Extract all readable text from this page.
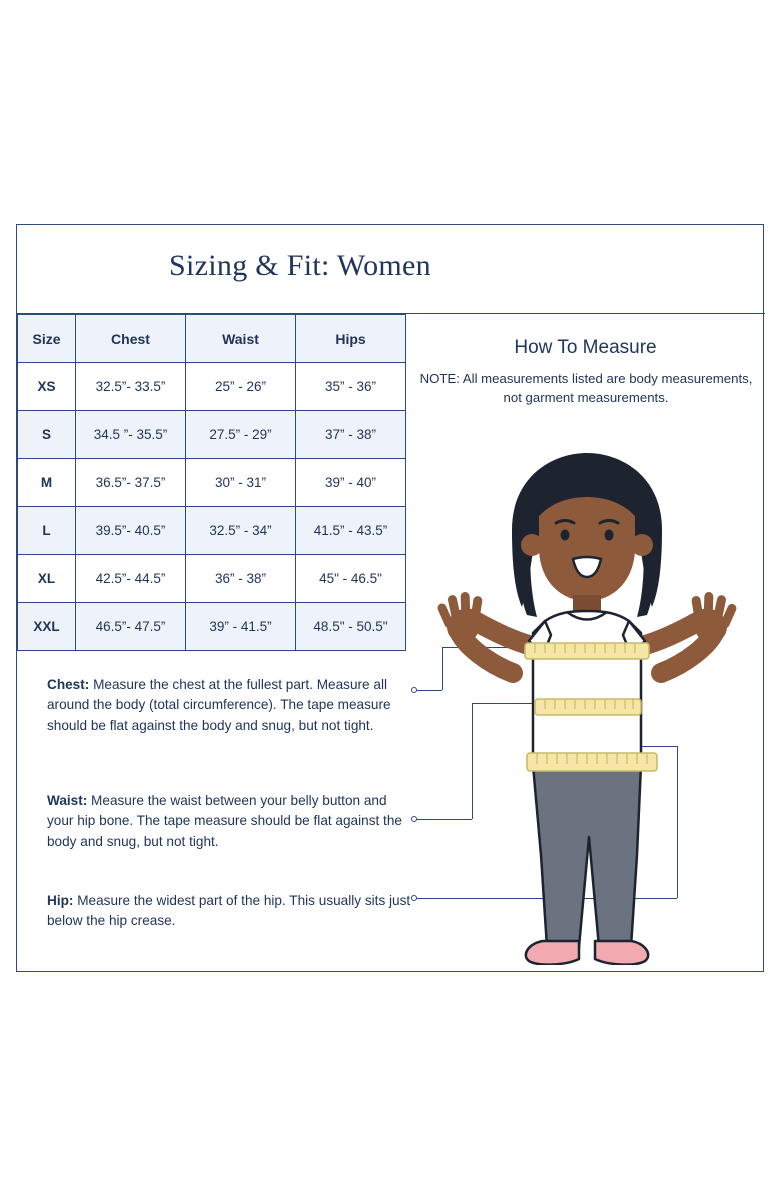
Sizing & Fit: Women
Size	Chest	Waist	Hips
XS	32.5”- 33.5”	25” - 26”	35” - 36”
S	34.5 ”- 35.5”	27.5” - 29”	37” - 38”
M	36.5”- 37.5”	30” - 31”	39” - 40”
L	39.5”- 40.5”	32.5” - 34”	41.5” - 43.5”
XL	42.5”- 44.5”	36” - 38”	45" - 46.5"
XXL	46.5”- 47.5”	39” - 41.5”	48.5" - 50.5"
How To Measure
NOTE: All measurements listed are body measurements, not garment measurements.
Chest: Measure the chest at the fullest part. Measure all around the body (total circumference). The tape measure should be flat against the body and snug, but not tight.
Waist: Measure the waist between your belly button and your hip bone. The tape measure should be flat against the body and snug, but not tight.
Hip: Measure the widest part of the hip. This usually sits just below the hip crease.
